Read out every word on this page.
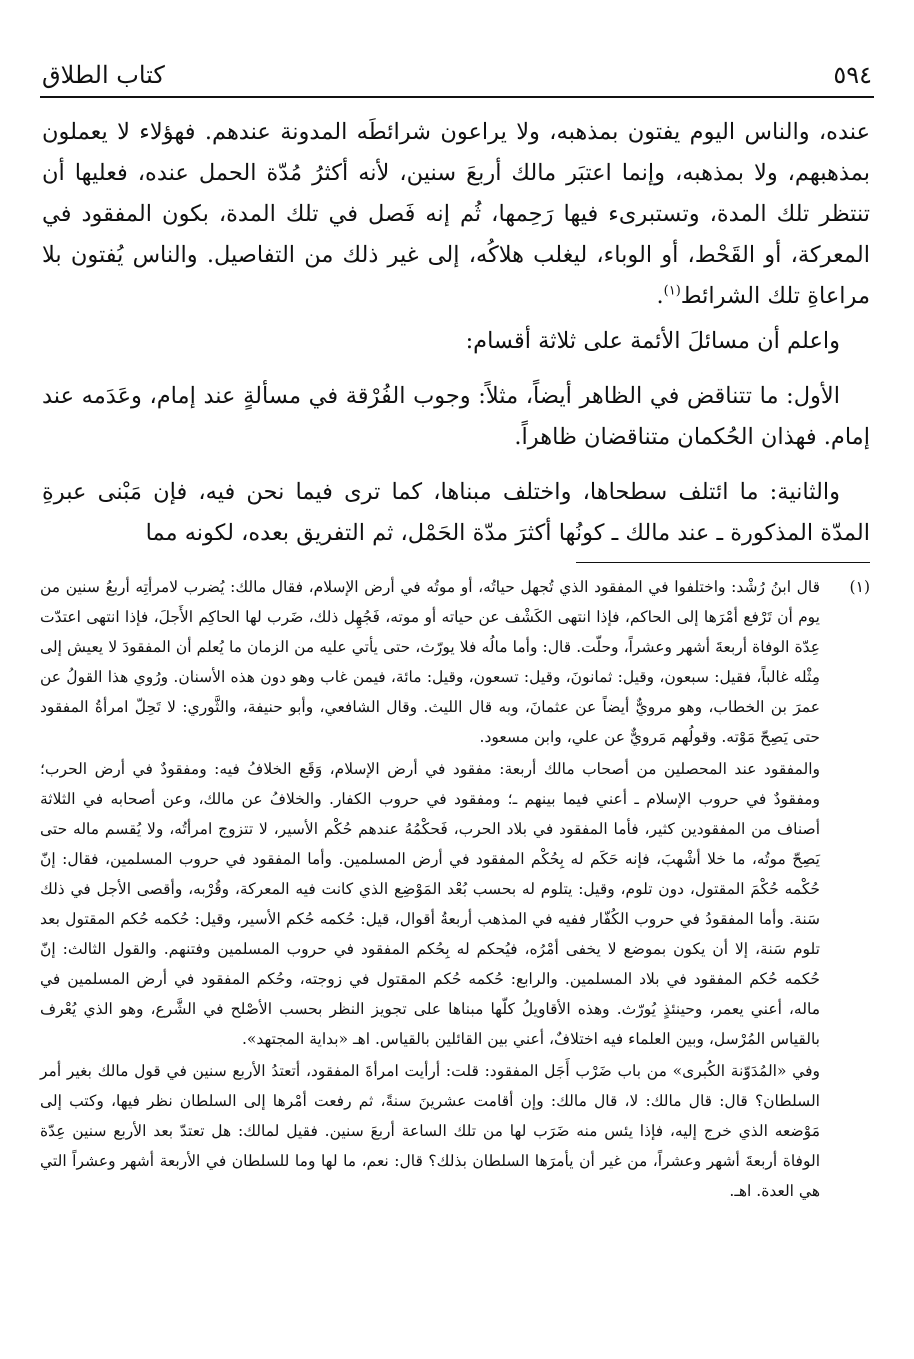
كتاب الطلاق	٥٩٤

عنده، والناس اليوم يفتون بمذهبه، ولا يراعون شرائطَه المدونة عندهم. فهؤلاء لا يعملون بمذهبهم، ولا بمذهبه، وإنما اعتبَر مالك أربعَ سنين، لأنه أكثرُ مُدّة الحمل عنده، فعليها أن تنتظر تلك المدة، وتستبرىء فيها رَحِمها، ثُم إنه فَصل في تلك المدة، بكون المفقود في المعركة، أو القَحْط، أو الوباء، ليغلب هلاكُه، إلى غير ذلك من التفاصيل. والناس يُفتون بلا مراعاةِ تلك الشرائط$^{(١)}$.

واعلم أن مسائلَ الأئمة على ثلاثة أقسام:

الأول: ما تتناقض في الظاهر أيضاً، مثلاً: وجوب الفُرْقة في مسألةٍ عند إمام، وعَدَمه عند إمام. فهذان الحُكمان متناقضان ظاهراً.

والثانية: ما ائتلف سطحاها، واختلف مبناها، كما ترى فيما نحن فيه، فإن مَبْنى عبرةِ المدّة المذكورة ـ عند مالك ـ كونُها أكثرَ مدّة الحَمْل، ثم التفريق بعده، لكونه مما

(١)

قال ابنُ رُشْد: واختلفوا في المفقود الذي تُجهل حياتُه، أو موتُه في أرض الإسلام، فقال مالك: يُضرب لامرأتِه أربعُ سنين من يوم أن تَرْفع أمْرَها إلى الحاكم، فإذا انتهى الكَشْف عن حياته أو موته، فَجُهِل ذلك، ضَرب لها الحاكِم الأَجلَ، فإذا انتهى اعتدّت عِدّة الوفاة أربعةَ أشهر وعشراً، وحلّت. قال: وأما مالُه فلا يورّث، حتى يأتي عليه من الزمان ما يُعلم أن المفقودَ لا يعيش إلى مِثْله غالباً، فقيل: سبعون، وقيل: ثمانونَ، وقيل: تسعون، وقيل: مائة، فيمن غاب وهو دون هذه الأسنان. ورُوي هذا القولُ عن عمرَ بن الخطاب، وهو مرويٌّ أيضاً عن عثمانَ، وبه قال الليث. وقال الشافعي، وأبو حنيفة، والثَّوري: لا تَحِلّ امرأةُ المفقود حتى يَصِحّ مَوْته. وقولُهم مَرويٌّ عن علي، وابن مسعود.

والمفقود عند المحصلين من أصحاب مالك أربعة: مفقود في أرض الإسلام، وَقَع الخلافُ فيه: ومفقودٌ في أرض الحرب؛ ومفقودٌ في حروب الإسلام ـ أعني فيما بينهم ـ؛ ومفقود في حروب الكفار. والخلافُ عن مالك، وعن أصحابه في الثلاثة أصناف من المفقودين كثير، فأما المفقود في بلاد الحرب، فَحكْمُهُ عندهم حُكْم الأسير، لا تتزوج امرأتُه، ولا يُقسم ماله حتى يَصِحّ موتُه، ما خلا أشْهبَ، فإنه حَكَم له بِحُكْم المفقود في أرض المسلمين. وأما المفقود في حروب المسلمين، فقال: إنّ حُكْمه حُكْمَ المقتول، دون تلوم، وقيل: يتلوم له بحسب بُعْد المَوْضِع الذي كانت فيه المعركة، وقُرْبه، وأقصى الأجل في ذلك سَنة. وأما المفقودُ في حروب الكُفّار ففيه في المذهب أربعةُ أقوال، قيل: حُكمه حُكم الأسير، وقيل: حُكمه حُكم المقتول بعد تلوم سَنة، إلا أن يكون بموضع لا يخفى أمْرُه، فيُحكم له بِحُكم المفقود في حروب المسلمين وفتنهم. والقول الثالث: إنّ حُكمه حُكم المفقود في بلاد المسلمين. والرابع: حُكمه حُكم المقتول في زوجته، وحُكم المفقود في أرض المسلمين في ماله، أعني يعمر، وحينئذٍ يُورّث. وهذه الأقاويلُ كلّها مبناها على تجويز النظر بحسب الأصْلح في الشَّرع، وهو الذي يُعْرف بالقياس المُرْسل، وبين العلماء فيه اختلافٌ، أعني بين القائلين بالقياس. اهـ «بداية المجتهد».

وفي «المُدَوّنة الكُبرى» من باب ضَرْب أَجَل المفقود: قلت: أرأيت امرأةَ المفقود، أتعتدُ الأربع سنين في قول مالك بغير أمر السلطان؟ قال: قال مالك: لا، قال مالك: وإن أقامت عشرينَ سنةً، ثم رفعت أمْرها إلى السلطان نظر فيها، وكتب إلى مَوْضعه الذي خرج إليه، فإذا يئس منه ضَرَب لها من تلك الساعة أربعَ سنين. فقيل لمالك: هل تعتدّ بعد الأربع سنين عِدّة الوفاة أربعةَ أشهر وعشراً، من غير أن يأمرَها السلطان بذلك؟ قال: نعم، ما لها وما للسلطان في الأربعة أشهر وعشراً التي هي العدة. اهـ.
